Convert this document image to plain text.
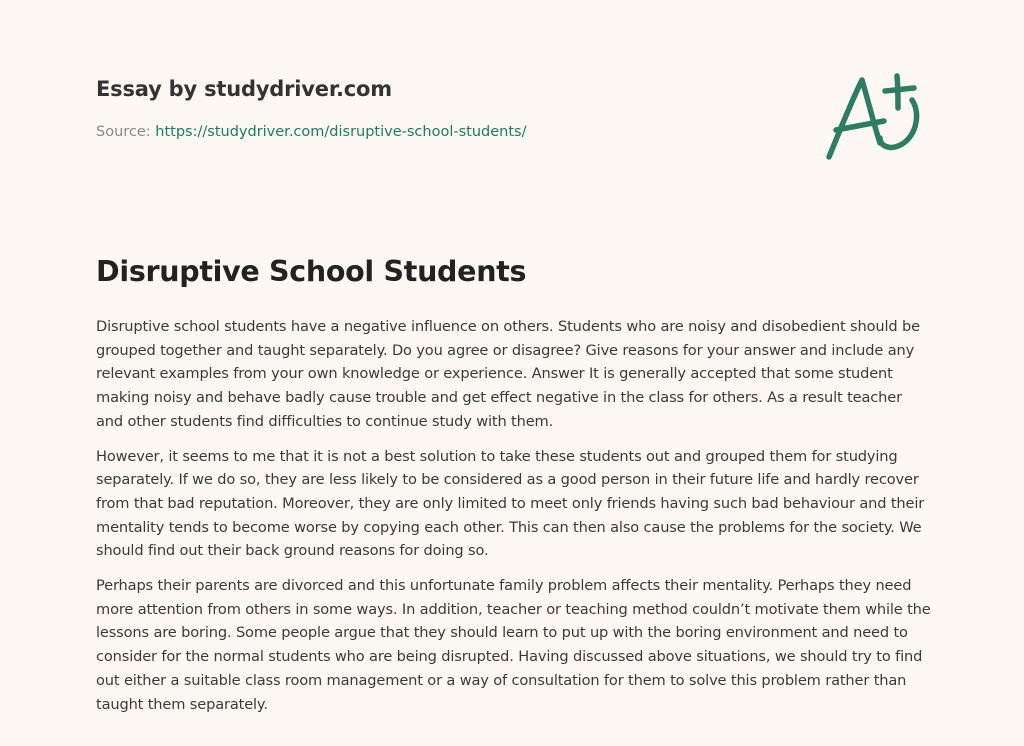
Essay by studydriver.com
Source: https://studydriver.com/disruptive-school-students/
Disruptive School Students

Disruptive school students have a negative influence on others. Students who are noisy and disobedient should be grouped together and taught separately. Do you agree or disagree? Give reasons for your answer and include any relevant examples from your own knowledge or experience. Answer It is generally accepted that some student making noisy and behave badly cause trouble and get effect negative in the class for others. As a result teacher and other students find difficulties to continue study with them.

However, it seems to me that it is not a best solution to take these students out and grouped them for studying separately. If we do so, they are less likely to be considered as a good person in their future life and hardly recover from that bad reputation. Moreover, they are only limited to meet only friends having such bad behaviour and their mentality tends to become worse by copying each other. This can then also cause the problems for the society. We should find out their back ground reasons for doing so.

Perhaps their parents are divorced and this unfortunate family problem affects their mentality. Perhaps they need more attention from others in some ways. In addition, teacher or teaching method couldn’t motivate them while the lessons are boring. Some people argue that they should learn to put up with the boring environment and need to consider for the normal students who are being disrupted. Having discussed above situations, we should try to find out either a suitable class room management or a way of consultation for them to solve this problem rather than taught them separately.
